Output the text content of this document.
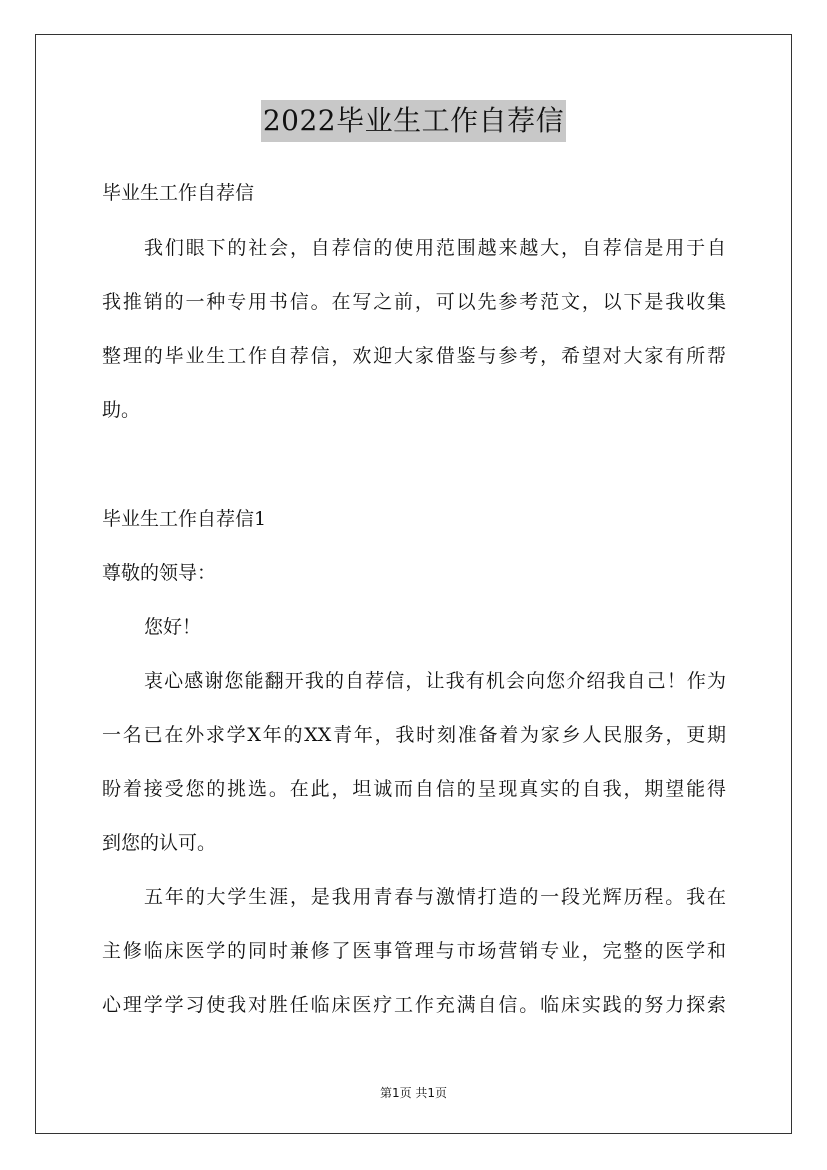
2022毕业生工作自荐信
毕业生工作自荐信
我们眼下的社会，自荐信的使用范围越来越大，自荐信是用于自
我推销的一种专用书信。在写之前，可以先参考范文，以下是我收集
整理的毕业生工作自荐信，欢迎大家借鉴与参考，希望对大家有所帮
助。
毕业生工作自荐信1
尊敬的领导：
您好！
衷心感谢您能翻开我的自荐信，让我有机会向您介绍我自己！作为
一名已在外求学X年的XX青年，我时刻准备着为家乡人民服务，更期
盼着接受您的挑选。在此，坦诚而自信的呈现真实的自我，期望能得
到您的认可。
五年的大学生涯，是我用青春与激情打造的一段光辉历程。我在
主修临床医学的同时兼修了医事管理与市场营销专业，完整的医学和
心理学学习使我对胜任临床医疗工作充满自信。临床实践的努力探索
第1页 共1页
